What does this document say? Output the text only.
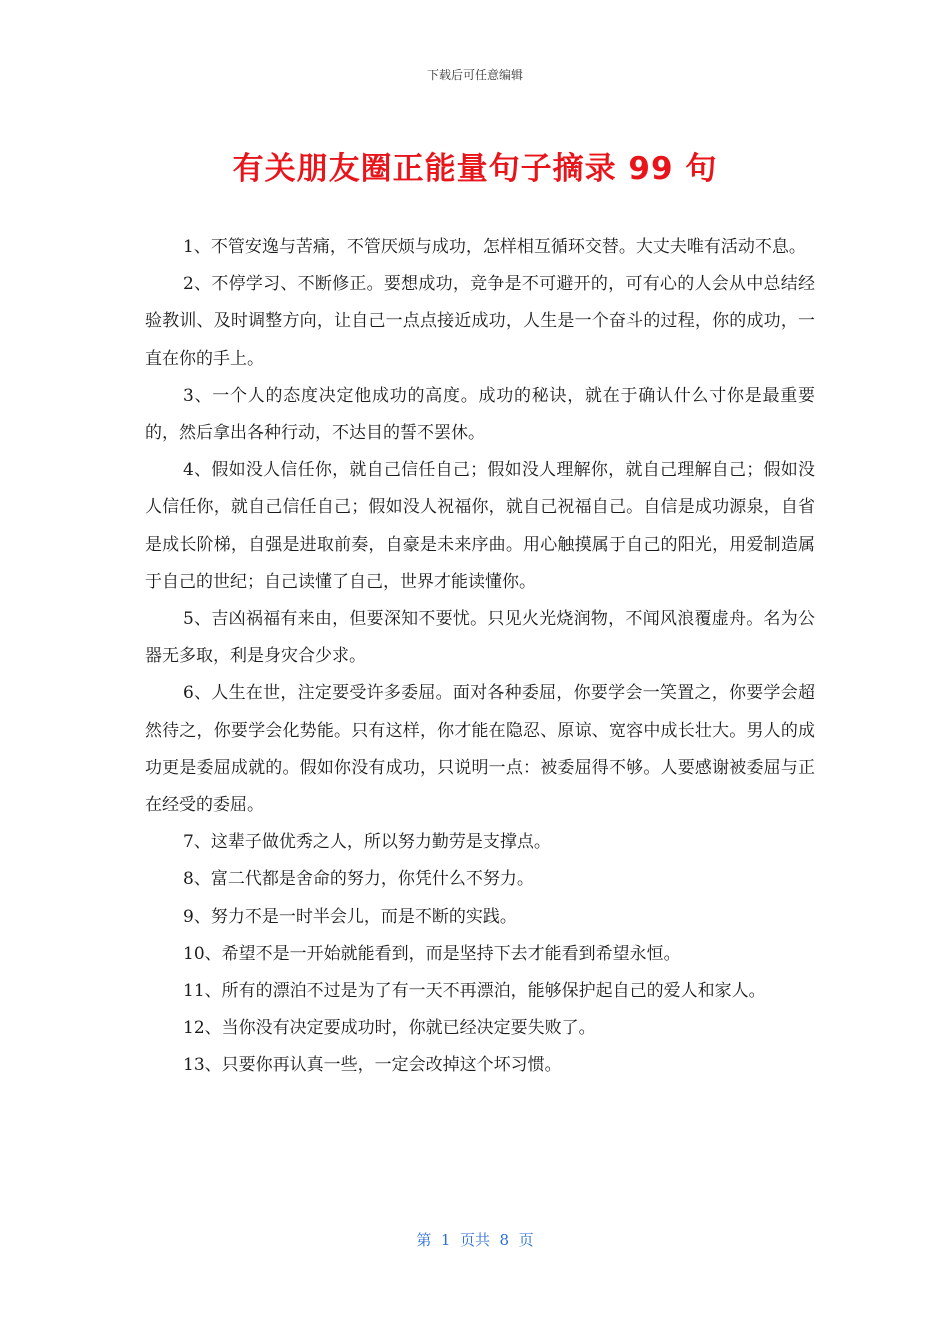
下载后可任意编辑
有关朋友圈正能量句子摘录 99 句

1、不管安逸与苦痛，不管厌烦与成功，怎样相互循环交替。大丈夫唯有活动不息。

2、不停学习、不断修正。要想成功，竞争是不可避开的，可有心的人会从中总结经验教训、及时调整方向，让自己一点点接近成功，人生是一个奋斗的过程，你的成功，一直在你的手上。

3、一个人的态度决定他成功的高度。成功的秘诀，就在于确认什么寸你是最重要的，然后拿出各种行动，不达目的誓不罢休。

4、假如没人信任你，就自己信任自己；假如没人理解你，就自己理解自己；假如没人信任你，就自己信任自己；假如没人祝福你，就自己祝福自己。自信是成功源泉，自省是成长阶梯，自强是进取前奏，自豪是未来序曲。用心触摸属于自己的阳光，用爱制造属于自己的世纪；自己读懂了自己，世界才能读懂你。

5、吉凶祸福有来由，但要深知不要忧。只见火光烧润物，不闻风浪覆虚舟。名为公器无多取，利是身灾合少求。

6、人生在世，注定要受许多委屈。面对各种委屈，你要学会一笑置之，你要学会超然待之，你要学会化势能。只有这样，你才能在隐忍、原谅、宽容中成长壮大。男人的成功更是委屈成就的。假如你没有成功，只说明一点：被委屈得不够。人要感谢被委屈与正在经受的委屈。

7、这辈子做优秀之人，所以努力勤劳是支撑点。

8、富二代都是舍命的努力，你凭什么不努力。

9、努力不是一时半会儿，而是不断的实践。

10、希望不是一开始就能看到，而是坚持下去才能看到希望永恒。

11、所有的漂泊不过是为了有一天不再漂泊，能够保护起自己的爱人和家人。

12、当你没有决定要成功时，你就已经决定要失败了。

13、只要你再认真一些，一定会改掉这个坏习惯。

第  1  页共  8  页
